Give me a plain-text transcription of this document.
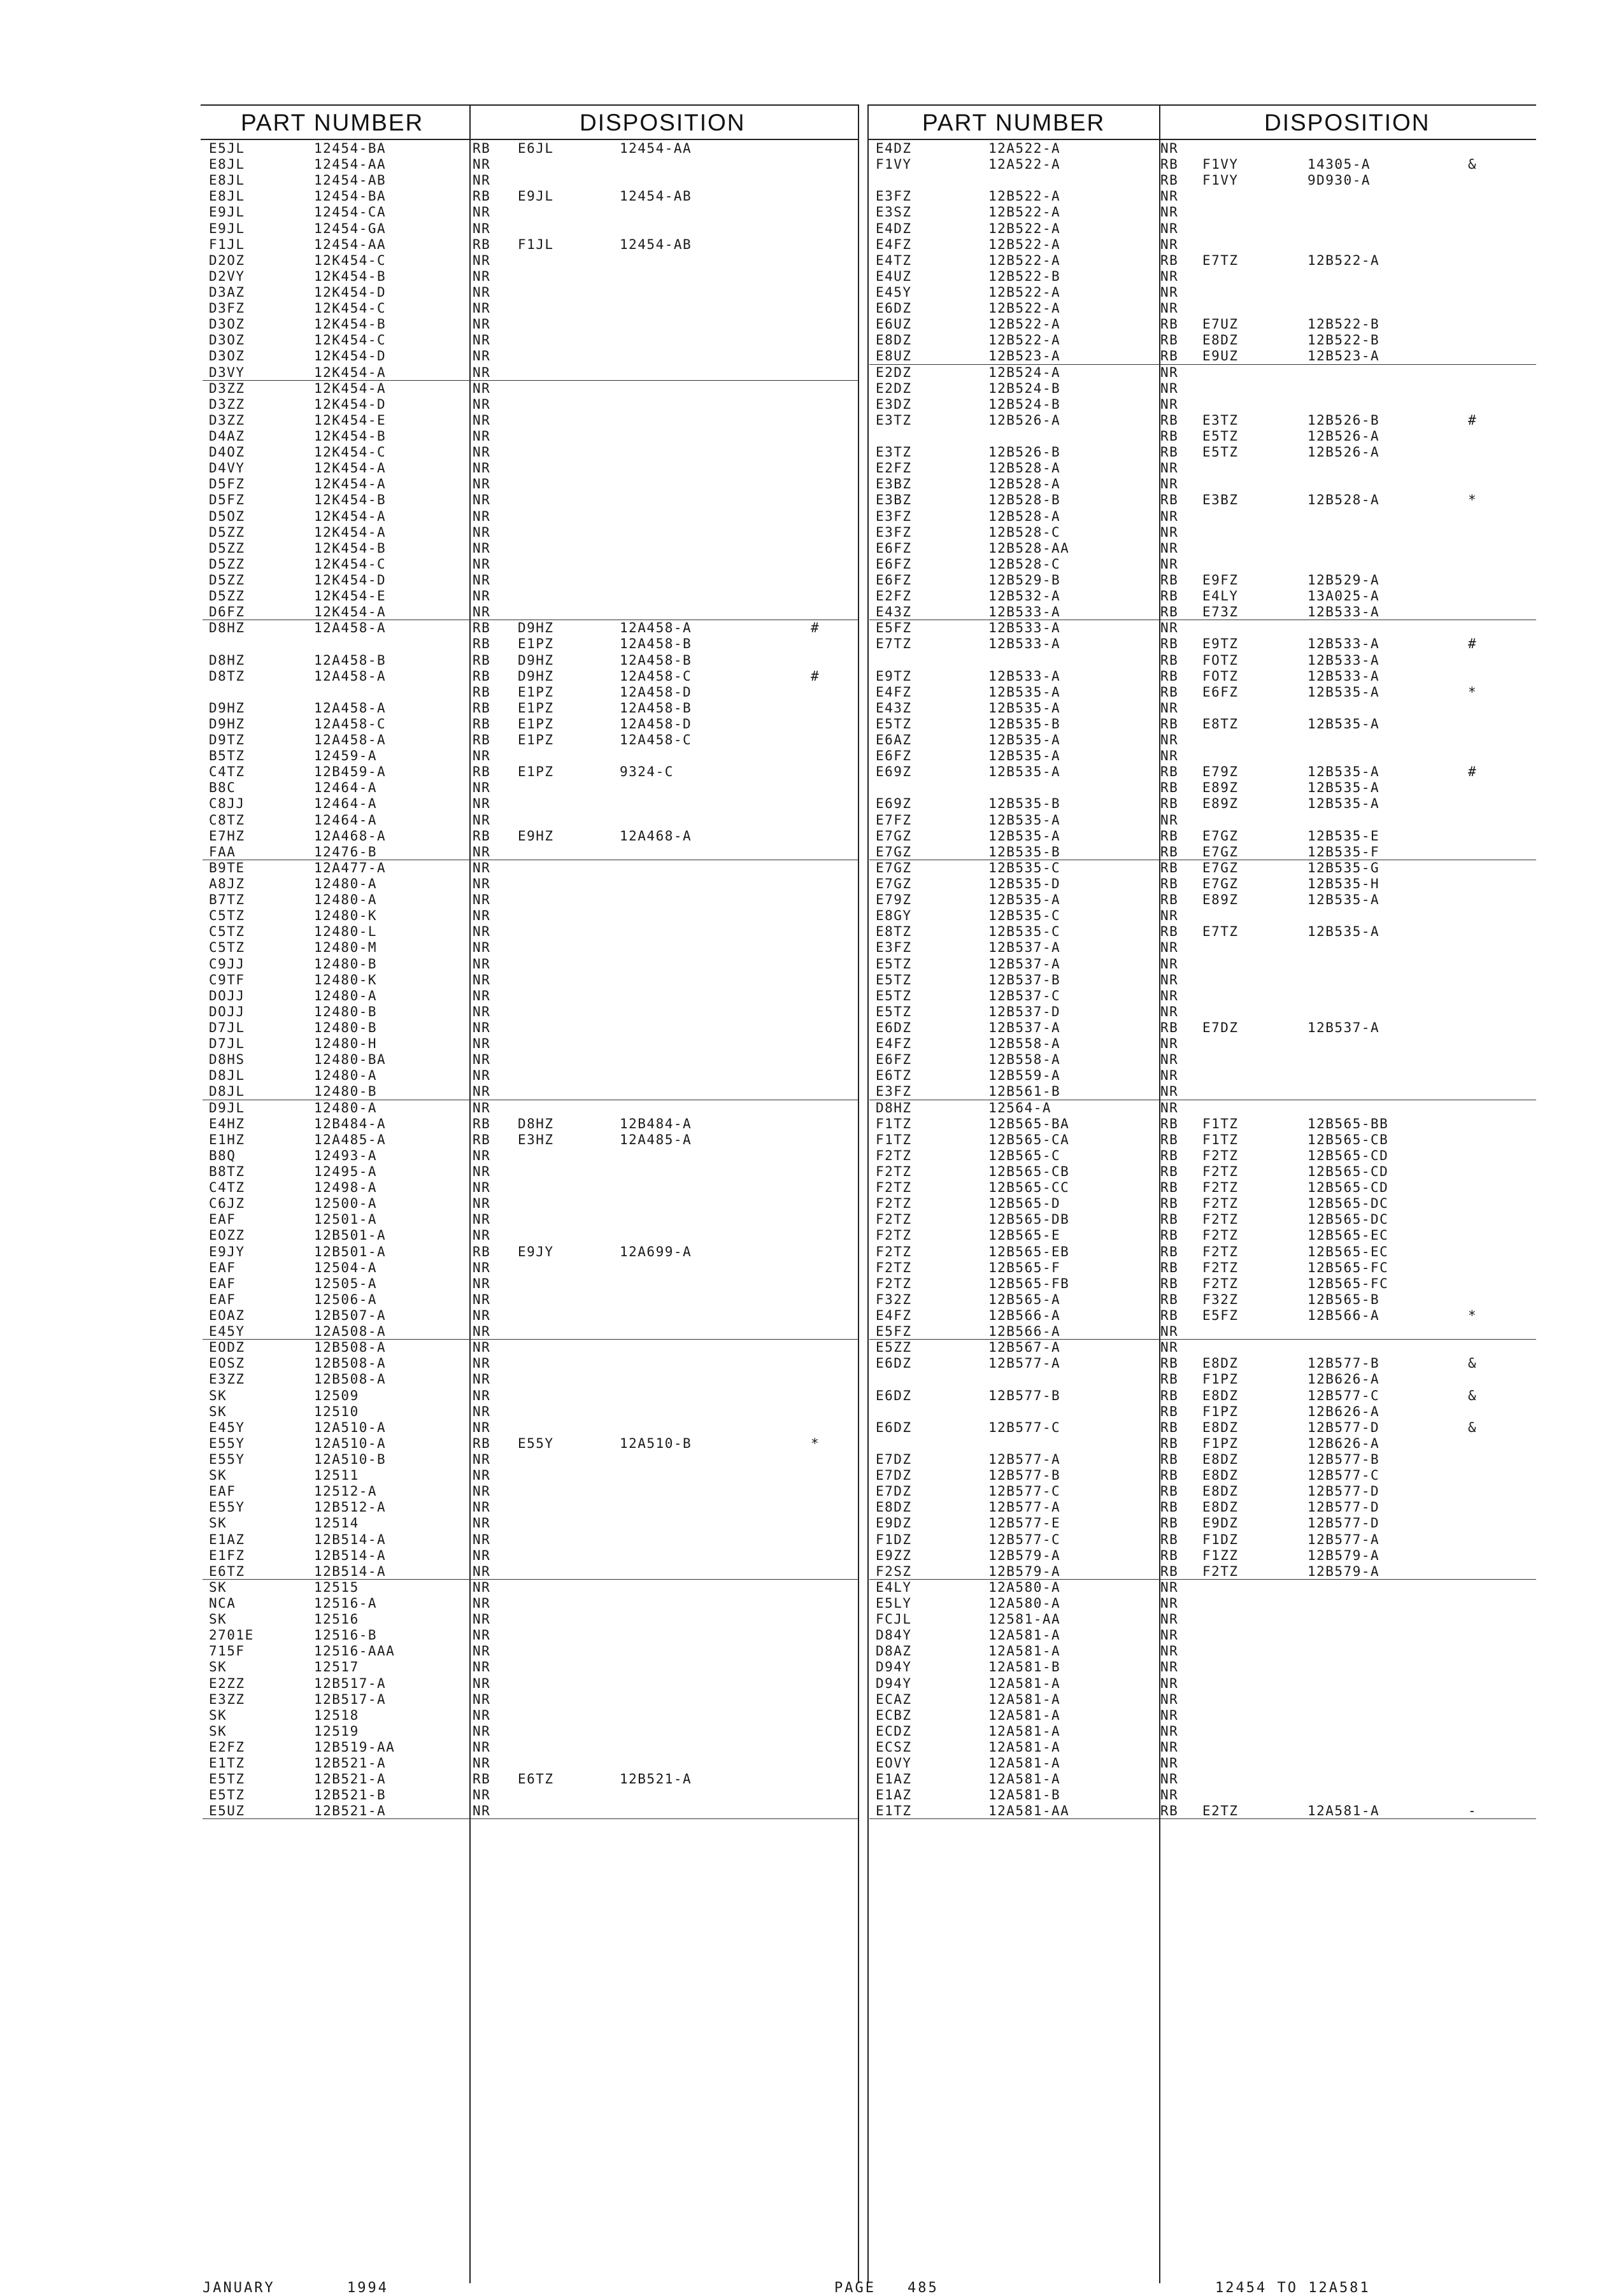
PART NUMBER	DISPOSITION	PART NUMBER	DISPOSITION
E5JL	12454-BA	RB E6JL	12454-AA
E8JL	12454-AA	NR
E8JL	12454-AB	NR
E8JL	12454-BA	RB E9JL	12454-AB
E9JL	12454-CA	NR
E9JL	12454-GA	NR
F1JL	12454-AA	RB F1JL	12454-AB
D2OZ	12K454-C	NR
D2VY	12K454-B	NR
D3AZ	12K454-D	NR
D3FZ	12K454-C	NR
D3OZ	12K454-B	NR
D3OZ	12K454-C	NR
D3OZ	12K454-D	NR
D3VY	12K454-A	NR
D3ZZ	12K454-A	NR
D3ZZ	12K454-D	NR
D3ZZ	12K454-E	NR
D4AZ	12K454-B	NR
D4OZ	12K454-C	NR
D4VY	12K454-A	NR
D5FZ	12K454-A	NR
D5FZ	12K454-B	NR
D5OZ	12K454-A	NR
D5ZZ	12K454-A	NR
D5ZZ	12K454-B	NR
D5ZZ	12K454-C	NR
D5ZZ	12K454-D	NR
D5ZZ	12K454-E	NR
D6FZ	12K454-A	NR
D8HZ	12A458-A	RB D9HZ	12A458-A	#
RB E1PZ	12A458-B
D8HZ	12A458-B	RB D9HZ	12A458-B
D8TZ	12A458-A	RB D9HZ	12A458-C	#
RB E1PZ	12A458-D
D9HZ	12A458-A	RB E1PZ	12A458-B
D9HZ	12A458-C	RB E1PZ	12A458-D
D9TZ	12A458-A	RB E1PZ	12A458-C
B5TZ	12459-A	NR
C4TZ	12B459-A	RB E1PZ	9324-C
B8C	12464-A	NR
C8JJ	12464-A	NR
C8TZ	12464-A	NR
E7HZ	12A468-A	RB E9HZ	12A468-A
FAA	12476-B	NR
B9TE	12A477-A	NR
A8JZ	12480-A	NR
B7TZ	12480-A	NR
C5TZ	12480-K	NR
C5TZ	12480-L	NR
C5TZ	12480-M	NR
C9JJ	12480-B	NR
C9TF	12480-K	NR
DOJJ	12480-A	NR
DOJJ	12480-B	NR
D7JL	12480-B	NR
D7JL	12480-H	NR
D8HS	12480-BA	NR
D8JL	12480-A	NR
D8JL	12480-B	NR
D9JL	12480-A	NR
E4HZ	12B484-A	RB D8HZ	12B484-A
E1HZ	12A485-A	RB E3HZ	12A485-A
B8Q	12493-A	NR
B8TZ	12495-A	NR
C4TZ	12498-A	NR
C6JZ	12500-A	NR
EAF	12501-A	NR
EOZZ	12B501-A	NR
E9JY	12B501-A	RB E9JY	12A699-A
EAF	12504-A	NR
EAF	12505-A	NR
EAF	12506-A	NR
EOAZ	12B507-A	NR
E45Y	12A508-A	NR
EODZ	12B508-A	NR
EOSZ	12B508-A	NR
E3ZZ	12B508-A	NR
SK	12509	NR
SK	12510	NR
E45Y	12A510-A	NR
E55Y	12A510-A	RB E55Y	12A510-B	*
E55Y	12A510-B	NR
SK	12511	NR
EAF	12512-A	NR
E55Y	12B512-A	NR
SK	12514	NR
E1AZ	12B514-A	NR
E1FZ	12B514-A	NR
E6TZ	12B514-A	NR
SK	12515	NR
NCA	12516-A	NR
SK	12516	NR
2701E	12516-B	NR
715F	12516-AAA	NR
SK	12517	NR
E2ZZ	12B517-A	NR
E3ZZ	12B517-A	NR
SK	12518	NR
SK	12519	NR
E2FZ	12B519-AA	NR
E1TZ	12B521-A	NR
E5TZ	12B521-A	RB E6TZ	12B521-A
E5TZ	12B521-B	NR
E5UZ	12B521-A	NR
E4DZ	12A522-A	NR
F1VY	12A522-A	RB F1VY	14305-A	&
RB F1VY	9D930-A
E3FZ	12B522-A	NR
E3SZ	12B522-A	NR
E4DZ	12B522-A	NR
E4FZ	12B522-A	NR
E4TZ	12B522-A	RB E7TZ	12B522-A
E4UZ	12B522-B	NR
E45Y	12B522-A	NR
E6DZ	12B522-A	NR
E6UZ	12B522-A	RB E7UZ	12B522-B
E8DZ	12B522-A	RB E8DZ	12B522-B
E8UZ	12B523-A	RB E9UZ	12B523-A
E2DZ	12B524-A	NR
E2DZ	12B524-B	NR
E3DZ	12B524-B	NR
E3TZ	12B526-A	RB E3TZ	12B526-B	#
RB E5TZ	12B526-A
E3TZ	12B526-B	RB E5TZ	12B526-A
E2FZ	12B528-A	NR
E3BZ	12B528-A	NR
E3BZ	12B528-B	RB E3BZ	12B528-A	*
E3FZ	12B528-A	NR
E3FZ	12B528-C	NR
E6FZ	12B528-AA	NR
E6FZ	12B528-C	NR
E6FZ	12B529-B	RB E9FZ	12B529-A
E2FZ	12B532-A	RB E4LY	13A025-A
E43Z	12B533-A	RB E73Z	12B533-A
E5FZ	12B533-A	NR
E7TZ	12B533-A	RB E9TZ	12B533-A	#
RB FOTZ	12B533-A
E9TZ	12B533-A	RB FOTZ	12B533-A
E4FZ	12B535-A	RB E6FZ	12B535-A	*
E43Z	12B535-A	NR
E5TZ	12B535-B	RB E8TZ	12B535-A
E6AZ	12B535-A	NR
E6FZ	12B535-A	NR
E69Z	12B535-A	RB E79Z	12B535-A	#
RB E89Z	12B535-A
E69Z	12B535-B	RB E89Z	12B535-A
E7FZ	12B535-A	NR
E7GZ	12B535-A	RB E7GZ	12B535-E
E7GZ	12B535-B	RB E7GZ	12B535-F
E7GZ	12B535-C	RB E7GZ	12B535-G
E7GZ	12B535-D	RB E7GZ	12B535-H
E79Z	12B535-A	RB E89Z	12B535-A
E8GY	12B535-C	NR
E8TZ	12B535-C	RB E7TZ	12B535-A
E3FZ	12B537-A	NR
E5TZ	12B537-A	NR
E5TZ	12B537-B	NR
E5TZ	12B537-C	NR
E5TZ	12B537-D	NR
E6DZ	12B537-A	RB E7DZ	12B537-A
E4FZ	12B558-A	NR
E6FZ	12B558-A	NR
E6TZ	12B559-A	NR
E3FZ	12B561-B	NR
D8HZ	12564-A	NR
F1TZ	12B565-BA	RB F1TZ	12B565-BB
F1TZ	12B565-CA	RB F1TZ	12B565-CB
F2TZ	12B565-C	RB F2TZ	12B565-CD
F2TZ	12B565-CB	RB F2TZ	12B565-CD
F2TZ	12B565-CC	RB F2TZ	12B565-CD
F2TZ	12B565-D	RB F2TZ	12B565-DC
F2TZ	12B565-DB	RB F2TZ	12B565-DC
F2TZ	12B565-E	RB F2TZ	12B565-EC
F2TZ	12B565-EB	RB F2TZ	12B565-EC
F2TZ	12B565-F	RB F2TZ	12B565-FC
F2TZ	12B565-FB	RB F2TZ	12B565-FC
F32Z	12B565-A	RB F32Z	12B565-B
E4FZ	12B566-A	RB E5FZ	12B566-A	*
E5FZ	12B566-A	NR
E5ZZ	12B567-A	NR
E6DZ	12B577-A	RB E8DZ	12B577-B	&
RB F1PZ	12B626-A
E6DZ	12B577-B	RB E8DZ	12B577-C	&
RB F1PZ	12B626-A
E6DZ	12B577-C	RB E8DZ	12B577-D	&
RB F1PZ	12B626-A
E7DZ	12B577-A	RB E8DZ	12B577-B
E7DZ	12B577-B	RB E8DZ	12B577-C
E7DZ	12B577-C	RB E8DZ	12B577-D
E8DZ	12B577-A	RB E8DZ	12B577-D
E9DZ	12B577-E	RB E9DZ	12B577-D
F1DZ	12B577-C	RB F1DZ	12B577-A
E9ZZ	12B579-A	RB F1ZZ	12B579-A
F2SZ	12B579-A	RB F2TZ	12B579-A
E4LY	12A580-A	NR
E5LY	12A580-A	NR
FCJL	12581-AA	NR
D84Y	12A581-A	NR
D8AZ	12A581-A	NR
D94Y	12A581-B	NR
D94Y	12A581-A	NR
ECAZ	12A581-A	NR
ECBZ	12A581-A	NR
ECDZ	12A581-A	NR
ECSZ	12A581-A	NR
EOVY	12A581-A	NR
E1AZ	12A581-A	NR
E1AZ	12A581-B	NR
E1TZ	12A581-AA	RB E2TZ	12A581-A	-
JANUARY	1994	PAGE 485	12454 TO 12A581
